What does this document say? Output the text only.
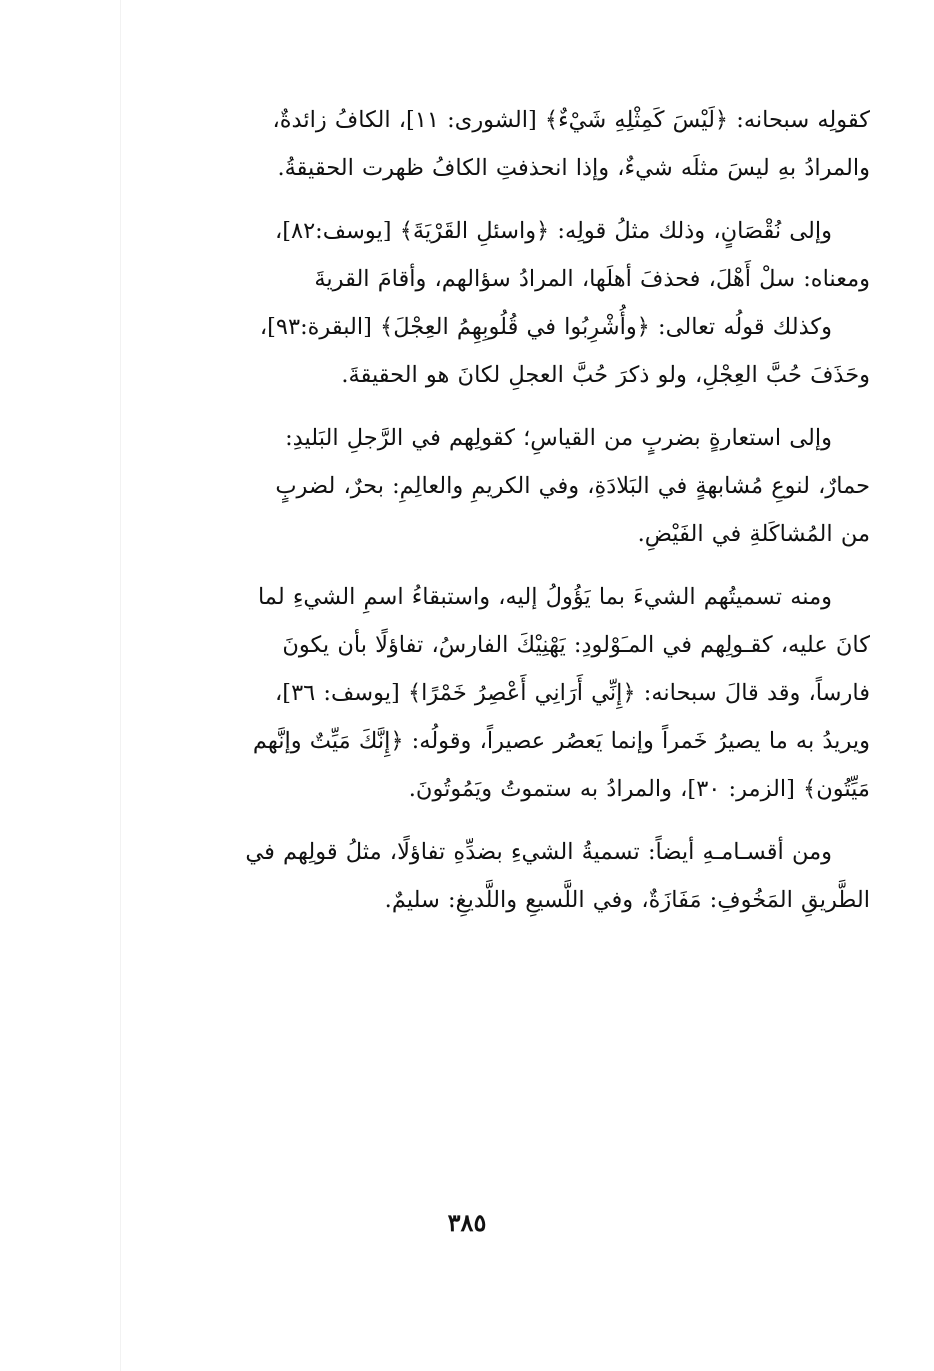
كقولِه سبحانه: ﴿لَيْسَ كَمِثْلِهِ شَيْءٌ﴾ [الشورى: ١١]، الكافُ زائدةٌ،
والمرادُ بهِ ليسَ مثلَه شيءٌ، وإذا انحذفتِ الكافُ ظهرت الحقيقةُ.

وإلى نُقْصَانٍ، وذلك مثلُ قولِه: ﴿واسئلِ القَرْيَةَ﴾ [يوسف:٨٢]،
ومعناه: سلْ أَهْلَ، فحذفَ أهلَها، المرادُ سؤالهم، وأقامَ القريةَ

وكذلك قولُه تعالى: ﴿وأُشْرِبُوا في قُلُوبِهِمُ العِجْلَ﴾ [البقرة:٩٣]،
وحَذَفَ حُبَّ العِجْلِ، ولو ذكرَ حُبَّ العجلِ لكانَ هو الحقيقةَ.

وإلى استعارةٍ بضربٍ من القياسِ؛ كقولِهم في الرَّجلِ البَليدِ:
حمارٌ، لنوعِ مُشابهةٍ في البَلادَةِ، وفي الكريمِ والعالِمِ: بحرٌ، لضربٍ
من المُشاكَلةِ في الفَيْضِ.

ومنه تسميتُهم الشيءَ بما يَؤُولُ إليه، واستبقاءُ اسمِ الشيءِ لما
كانَ عليه، كقـولِهم في المـَوْلودِ: يَهْنِيْكَ الفارسُ، تفاؤلًا بأن يكونَ
فارساً، وقد قالَ سبحانه: ﴿إِنِّي أَرَانِي أَعْصِرُ خَمْرًا﴾ [يوسف: ٣٦]،
ويريدُ به ما يصيرُ خَمراً وإنما يَعصُر عصيراً، وقولُه: ﴿إِنَّكَ مَيِّتٌ وإنَّهم
مَيِّتُون﴾ [الزمر: ٣٠]، والمرادُ به ستموتُ ويَمُوتُونَ.

ومن أقسـامـهِ أيضاً: تسميةُ الشيءِ بضدِّهِ تفاؤلًا، مثلُ قولِهم في
الطَّريقِ المَخُوفِ: مَفَازَةٌ، وفي اللَّسيعِ واللَّديغِ: سليمٌ.

٣٨٥
